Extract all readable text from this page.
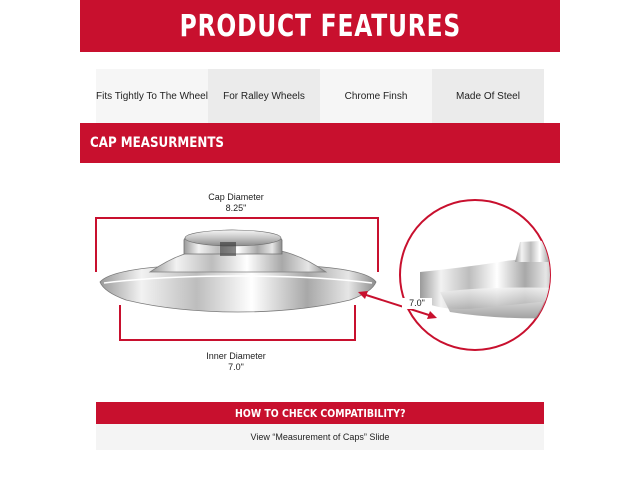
PRODUCT FEATURES
Fits Tightly To The Wheel	For Ralley Wheels	Chrome Finsh	Made Of Steel
CAP MEASURMENTS
Cap Diameter
8.25"
Inner Diameter
7.0"
7.0"
HOW TO CHECK COMPATIBILITY?
View “Measurement of Caps” Slide
